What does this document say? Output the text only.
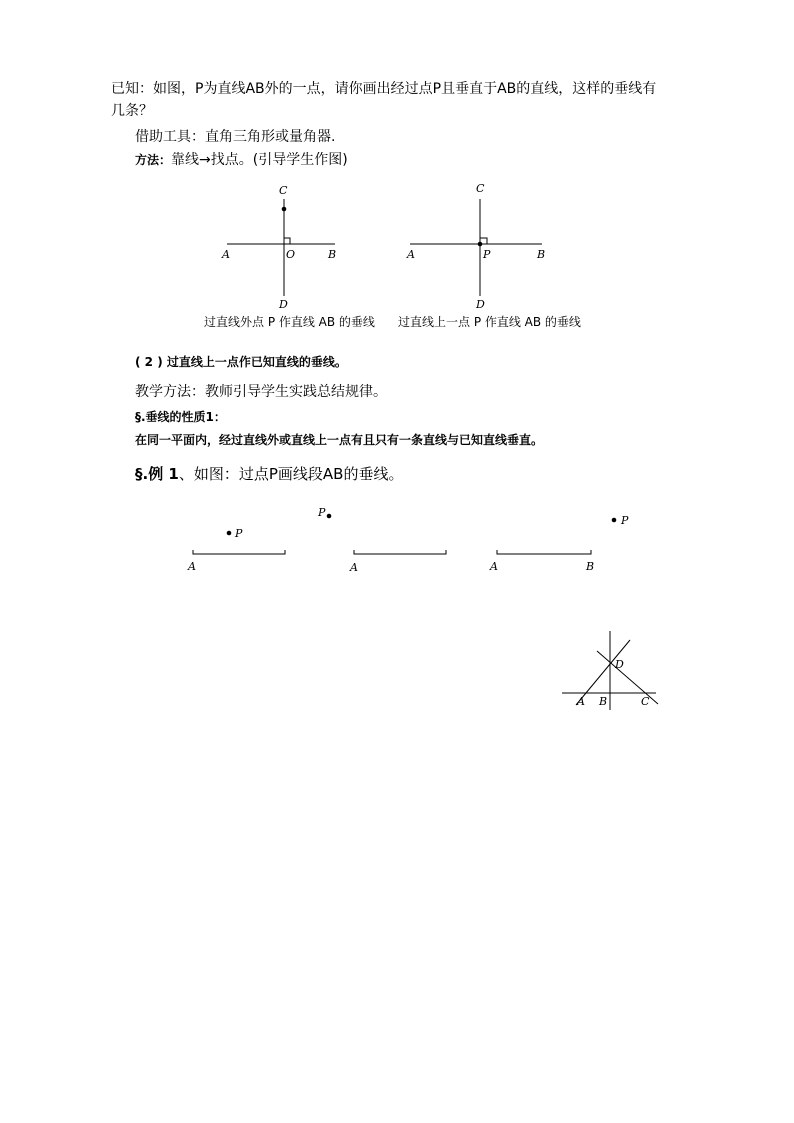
已知：如图，P为直线AB外的一点，请你画出经过点P且垂直于AB的直线，这样的垂线有
几条？
借助工具：直角三角形或量角器.
方法：靠线→找点。(引导学生作图)
C
A	O	B
D
C
A	P	B
D
P
A
P
A
P
A	B
D
A B	C
过直线外点 P 作直线 AB 的垂线 过直线上一点 P 作直线 AB 的垂线
( 2 ) 过直线上一点作已知直线的垂线。
教学方法：教师引导学生实践总结规律。
§.垂线的性质1：
在同一平面内，经过直线外或直线上一点有且只有一条直线与已知直线垂直。
§.例 1、如图：过点P画线段AB的垂线。
